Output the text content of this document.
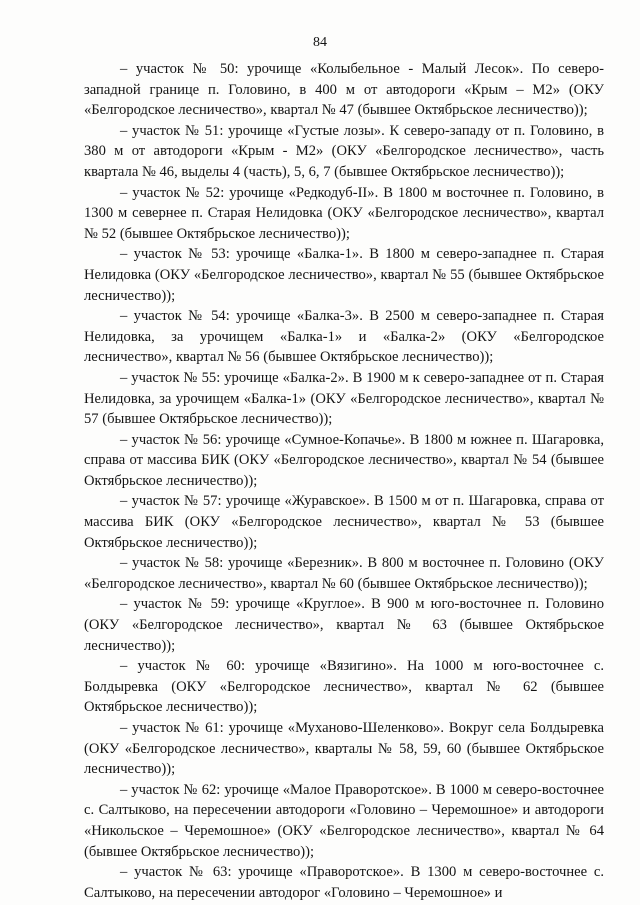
84

– участок № 50: урочище «Колыбельное - Малый Лесок». По северо-западной границе п. Головино, в 400 м от автодороги «Крым – М2» (ОКУ «Белгородское лесничество», квартал № 47 (бывшее Октябрьское лесничество));

– участок № 51: урочище «Густые лозы». К северо-западу от п. Головино, в 380 м от автодороги «Крым - М2» (ОКУ «Белгородское лесничество», часть квартала № 46, выделы 4 (часть), 5, 6, 7 (бывшее Октябрьское лесничество));

– участок № 52: урочище «Редкодуб-II». В 1800 м восточнее п. Головино, в 1300 м севернее п. Старая Нелидовка (ОКУ «Белгородское лесничество», квартал № 52 (бывшее Октябрьское лесничество));

– участок № 53: урочище «Балка-1». В 1800 м северо-западнее п. Старая Нелидовка (ОКУ «Белгородское лесничество», квартал № 55 (бывшее Октябрьское лесничество));

– участок № 54: урочище «Балка-3». В 2500 м северо-западнее п. Старая Нелидовка, за урочищем «Балка-1» и «Балка-2» (ОКУ «Белгородское лесничество», квартал № 56 (бывшее Октябрьское лесничество));

– участок № 55: урочище «Балка-2». В 1900 м к северо-западнее от п. Старая Нелидовка, за урочищем «Балка-1» (ОКУ «Белгородское лесничество», квартал № 57 (бывшее Октябрьское лесничество));

– участок № 56: урочище «Сумное-Копачье». В 1800 м южнее п. Шагаровка, справа от массива БИК (ОКУ «Белгородское лесничество», квартал № 54 (бывшее Октябрьское лесничество));

– участок № 57: урочище «Журавское». В 1500 м от п. Шагаровка, справа от массива БИК (ОКУ «Белгородское лесничество», квартал № 53 (бывшее Октябрьское лесничество));

– участок № 58: урочище «Березник». В 800 м восточнее п. Головино (ОКУ «Белгородское лесничество», квартал № 60 (бывшее Октябрьское лесничество));

– участок № 59: урочище «Круглое». В 900 м юго-восточнее п. Головино (ОКУ «Белгородское лесничество», квартал № 63 (бывшее Октябрьское лесничество));

– участок № 60: урочище «Вязигино». На 1000 м юго-восточнее с. Болдыревка (ОКУ «Белгородское лесничество», квартал № 62 (бывшее Октябрьское лесничество));

– участок № 61: урочище «Муханово-Шеленково». Вокруг села Болдыревка (ОКУ «Белгородское лесничество», кварталы № 58, 59, 60 (бывшее Октябрьское лесничество));

– участок № 62: урочище «Малое Праворотское». В 1000 м северо-восточнее с. Салтыково, на пересечении автодороги «Головино – Черемошное» и автодороги «Никольское – Черемошное» (ОКУ «Белгородское лесничество», квартал № 64 (бывшее Октябрьское лесничество));

– участок № 63: урочище «Праворотское». В 1300 м северо-восточнее с. Салтыково, на пересечении автодорог «Головино – Черемошное» и
